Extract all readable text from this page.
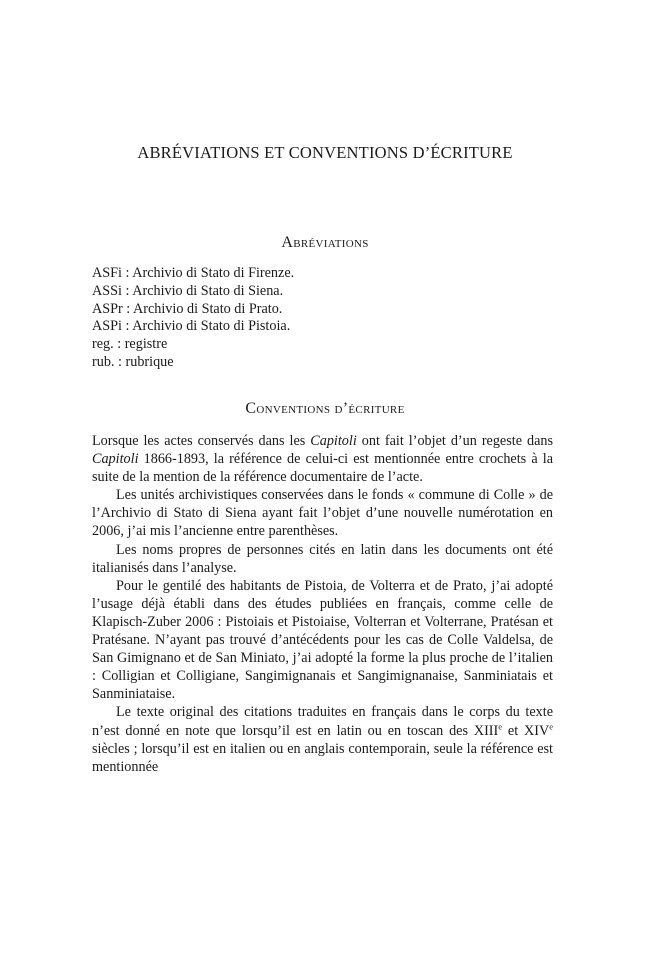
ABRÉVIATIONS ET CONVENTIONS D’ÉCRITURE
Abréviations
ASFi : Archivio di Stato di Firenze.
ASSi : Archivio di Stato di Siena.
ASPr : Archivio di Stato di Prato.
ASPi : Archivio di Stato di Pistoia.
reg. : registre
rub. : rubrique
Conventions d’écriture

Lorsque les actes conservés dans les Capitoli ont fait l’objet d’un regeste dans Capitoli 1866-1893, la référence de celui-ci est mentionnée entre crochets à la suite de la mention de la référence documentaire de l’acte.

Les unités archivistiques conservées dans le fonds « commune di Colle » de l’Archivio di Stato di Siena ayant fait l’objet d’une nouvelle numérotation en 2006, j’ai mis l’ancienne entre parenthèses.

Les noms propres de personnes cités en latin dans les documents ont été italianisés dans l’analyse.

Pour le gentilé des habitants de Pistoia, de Volterra et de Prato, j’ai adopté l’usage déjà établi dans des études publiées en français, comme celle de Klapisch-Zuber 2006 : Pistoiais et Pistoiaise, Volterran et Volterrane, Pratésan et Pratésane. N’ayant pas trouvé d’antécédents pour les cas de Colle Valdelsa, de San Gimignano et de San Miniato, j’ai adopté la forme la plus proche de l’italien : Colligian et Colligiane, Sangimignanais et Sangimignanaise, Sanminiatais et Sanminiataise.

Le texte original des citations traduites en français dans le corps du texte n’est donné en note que lorsqu’il est en latin ou en toscan des XIIIe et XIVe siècles ; lorsqu’il est en italien ou en anglais contemporain, seule la référence est mentionnée
